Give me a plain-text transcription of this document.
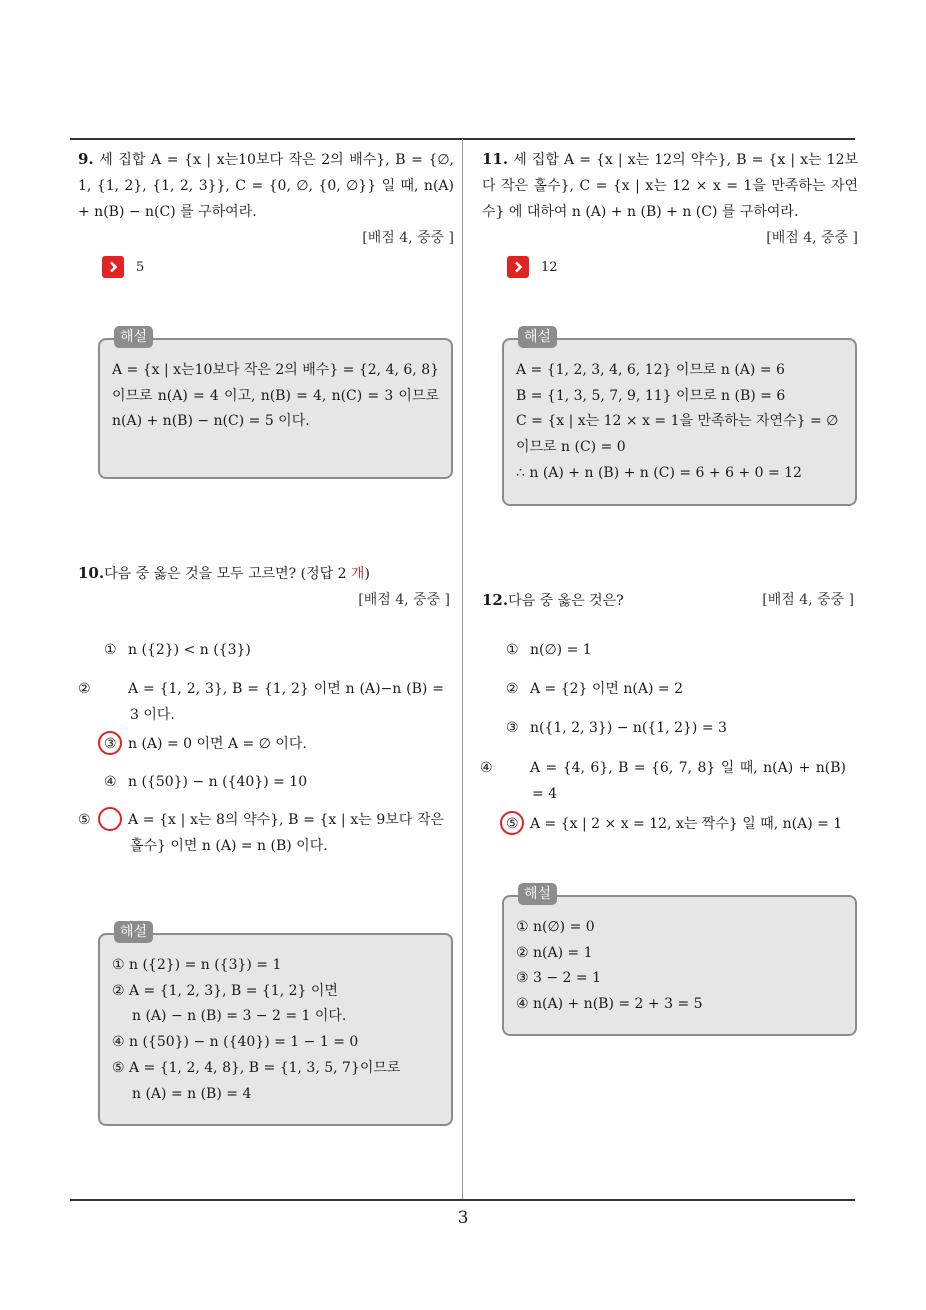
9. 세 집합 A = {x | x는10보다 작은 2의 배수}, B = {∅, 1, {1, 2}, {1, 2, 3}}, C = {0, ∅, {0, ∅}} 일 때, n(A) + n(B) − n(C) 를 구하여라.
[배점 4, 중중 ]
5
해설
A = {x | x는10보다 작은 2의 배수} = {2, 4, 6, 8} 이므로 n(A) = 4 이고, n(B) = 4, n(C) = 3 이므로 n(A) + n(B) − n(C) = 5 이다.
10.다음 중 옳은 것을 모두 고르면? (정답 2 개)
[배점 4, 중중 ]
① n ({2}) < n ({3})
②	A = {1, 2, 3}, B = {1, 2} 이면 n (A)−n (B) = 3 이다.
③ n (A) = 0 이면 A = ∅ 이다.
④ n ({50}) − n ({40}) = 10
⑤	A = {x | x는 8의 약수}, B = {x | x는 9보다 작은 홀수} 이면 n (A) = n (B) 이다.
해설
① n ({2}) = n ({3}) = 1
② A = {1, 2, 3}, B = {1, 2} 이면
n (A) − n (B) = 3 − 2 = 1 이다.
④ n ({50}) − n ({40}) = 1 − 1 = 0
⑤ A = {1, 2, 4, 8}, B = {1, 3, 5, 7}이므로
n (A) = n (B) = 4
11. 세 집합 A = {x | x는 12의 약수}, B = {x | x는 12보다 작은 홀수}, C = {x | x는 12 × x = 1을 만족하는 자연수} 에 대하여 n (A) + n (B) + n (C) 를 구하여라.
[배점 4, 중중 ]
12
해설
A = {1, 2, 3, 4, 6, 12} 이므로 n (A) = 6
B = {1, 3, 5, 7, 9, 11} 이므로 n (B) = 6
C = {x | x는 12 × x = 1을 만족하는 자연수} = ∅
이므로 n (C) = 0
∴ n (A) + n (B) + n (C) = 6 + 6 + 0 = 12
12.다음 중 옳은 것은?	[배점 4, 중중 ]
① n(∅) = 1
② A = {2} 이면 n(A) = 2
③ n({1, 2, 3}) − n({1, 2}) = 3
④	A = {4, 6}, B = {6, 7, 8} 일 때, n(A) + n(B) = 4
⑤ A = {x | 2 × x = 12, x는 짝수} 일 때, n(A) = 1
해설
① n(∅) = 0
② n(A) = 1
③ 3 − 2 = 1
④ n(A) + n(B) = 2 + 3 = 5
3
